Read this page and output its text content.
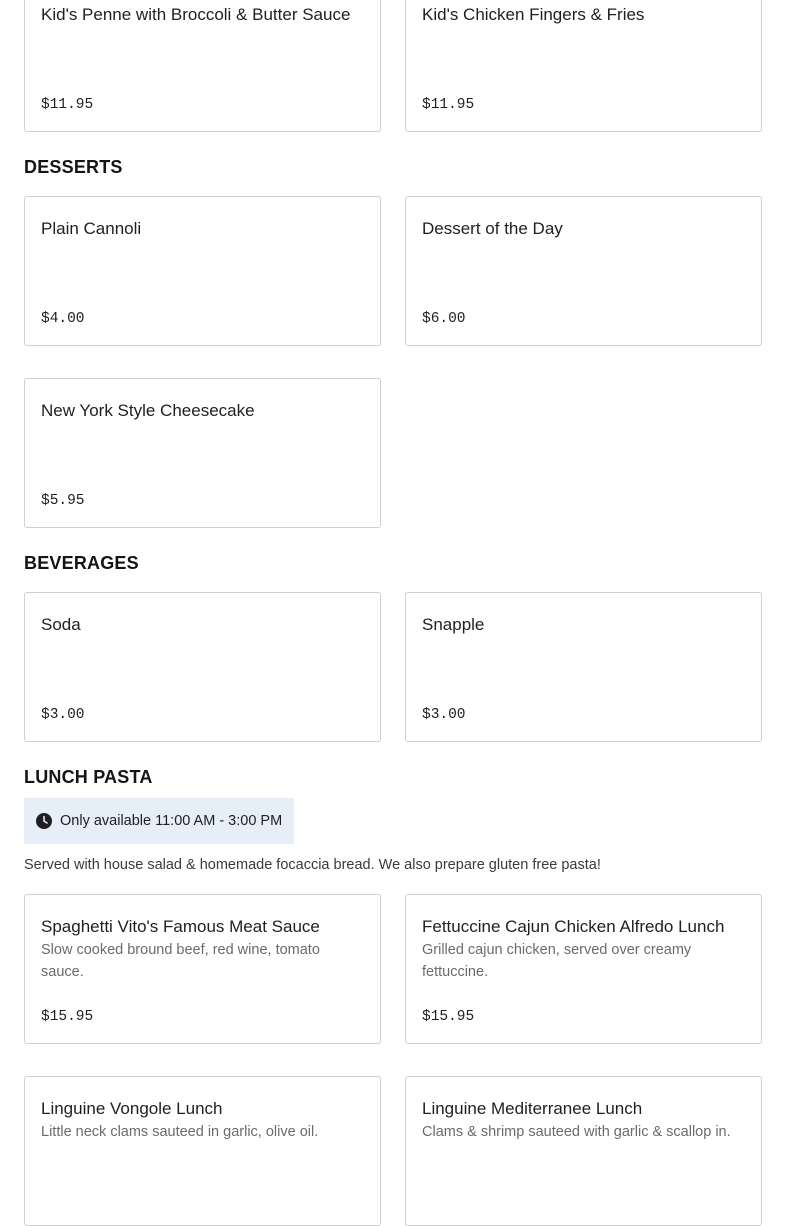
Kid's Penne with Broccoli & Butter Sauce
$11.95
Kid's Chicken Fingers & Fries
$11.95
DESSERTS
Plain Cannoli
$4.00
Dessert of the Day
$6.00
New York Style Cheesecake
$5.95
BEVERAGES
Soda
$3.00
Snapple
$3.00
LUNCH PASTA
Only available 11:00 AM - 3:00 PM
Served with house salad & homemade focaccia bread. We also prepare gluten free pasta!
Spaghetti Vito's Famous Meat Sauce
Slow cooked bround beef, red wine, tomato sauce.
$15.95
Fettuccine Cajun Chicken Alfredo Lunch
Grilled cajun chicken, served over creamy fettuccine.
$15.95
Linguine Vongole Lunch
Little neck clams sauteed in garlic, olive oil.
Linguine Mediterranee Lunch
Clams & shrimp sauteed with garlic & scallop in.
